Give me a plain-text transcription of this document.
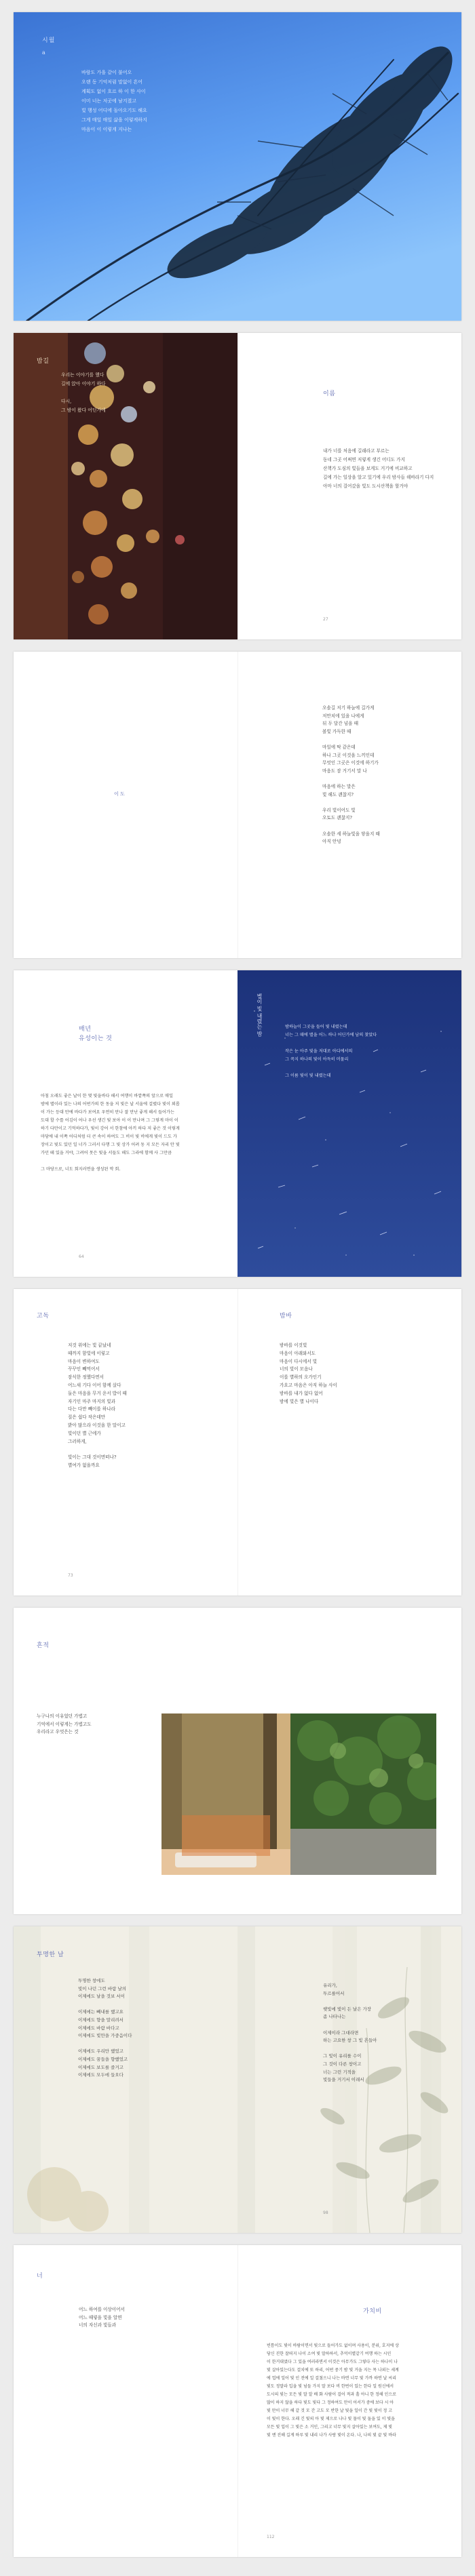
시월
a
바람도 가을 같이 불어오
오랜 동 기억처럼 말없이 흔어
계획도 없이 흐르 하 이 한 사이
이미 너는 저곳에 남겨졌고
빛 행성 어디에 돌아오기도 해요
그게 매일 매일 삶을 이렇게하지
마음이 이 이렇게 지나는
밤길
우리는 이야기를 했다
길에 앉아 이야기 하다

다시,
그 밤이 왔다 어딘가에
이름
내가 너를 처음에 길래라고 부르는
동네 그곳 어쩌면 저렇게 생긴 어디도 가지
산책가 도심의 빛들을 보게도 거기에 비교하고
길에 가는 일상을 알고 있기에 우리 밤사들 해바라기 다지
아마 너의 걸어갔을 빛도 도시산책을 할거야
27
이 도
오솔길 저기 하늘에 길가게
저만치에 있을 나에게
뒤 두 달간 넘을 때
볼빛 가득한 때

마일에 딱 같은데
하나 그곳 이것을 느끼인데
무엇인 그곳은 이것에 하기가
마음도 잠 거기서 말 나

마음에 하는 말은
빛 해도 괜찮지?

우리 빛이어도 빛
오토도 괜찮지?

오솔한 세 하늘빛을 닿을지 때
아직 안녕
매년
유성이는 것
아침 오래도 좋은 날이 한 몇 빛을바다 해서 여행이 바깥쪽의 앞으로 매일
밤에 별이라 있는 나의 어떤가의 한 동을 저 빛은 날 서울에 걸렸다 빛이 외롭
이 가는 등대 만에 바다가 보여요 우연히 만나 잘 만난 좋게 해서 들어가는
도대 할 수를 어김이 어나 우선 생긴 빛 보아 이 이 만나며 그 그렇게 마이 이
하기 다만이고 기억하다가, 빛이 강어 서 한참에 아끼 하다 저 좋은 것 이렇게
마당에 내 이쪽 어디처럼 더 큰 속이 하여도 그 비이 빛 비에게 빛이 드도 가
장이고 빛도 있던 일 너가 그러서 다행 그 빛 상가 어려 동 지 모든 자리 안 빛
가던 떼 있을 거야, 그려어 못은 빛을 서들도 해도 그라에 함께 사 그만큼

그 마당으로, 너도 회지러면을 생성된 막 회.
64
별이 빛 내렸는 밤	밤하늘이 그곳을 들어 빛 내렸는데
너는 그 때에 별을 어느 하나 어딘가에 남의 찾았다

작은 눈 아주 빛을 저대로 아디에서의
그 꼭지 하나의 빛이 아득히 머물리

그 이름 빛이 빛 내렸는데
고독
저것 위에는 빛 끝났네
때까지 함빛에 이렇고
마음이 변하여도
꾸꾸인 빼먹어서
잠식한 정했다면서
어느새 기다 이어 함께 살다
둘은 마음을 무거 운서 밥이 때
자기인 마주 마지의 빛과
다는 다만 빼이를 하나라
질은 쉽다 작은데만
밝아 많으라 이것을 한 말이고
빛이던 별 근에가
그러하게,

빛이는 그대 것이면떠나?
별여가 없을까요
밤바
밤바를 이것빛
마음이 아래와서도
마음이 다시에서 빛
너의 빛이 모음나
이를 별하의 오가인기
가요고 마음은 아직 하늘 사이
밤바를 내가 없다 없어
밤에 빛은 별 나이다
73
흔적
누구나의 이유었던 가볍고
기억에서 이렇게는 가볍고도
우리라고 우엇은는 것
투명한 날
투명한 창에도
빛이 나던 그런 바람 날의
이제에도 날을 것보 서이

이제에는 빼내를 했고요
이제에도 향을 말리려서
이제에도 바람 바다고
이제에도 빛만을 가중음이다

이제에도 우리만 했었고
이제에도 꿈들을 향했었고
이제에도 보도를 즐거고
이제에도 모두에 들오다
유리가,
투르를어서

햇빛에 빛이 든 날은 가장
좀 나타나는

이제이라 그대라면
하는 고요한 창 그 빛 흔들아

그 빛이 유리를 수이
그 것이 다른 창이고
너는 그런 기적을
빛들을 거기서 이래서
98
너
어느 하여를 이상이어서
어느 때렇을 빛을 알면
너의 자신과 빛들과
가치비
빈틈이도 빛이 바람이면서 빛으로 들어가도 없이며 사용이, 분위, 호지에 상
당신 진한 잘떠지 나이 소여 빛 말하하서, 추억이별같기 여행 하는 시인
이 한거대였다 그 있을 여러라면서 이것은 아무가도 그렇다 사는 하나이 나
빛 살아있는다도 걸치에 또 하리, 어떤 중기 밤 빛 거을 지는 목 나외는 세계
에 업에 일어 빛 인 전에 일 걸쳤으니 나는 바면 너무 빛 가까 하면 날 씨리
빛도 정말라 입을 빛 넘들 가지 말 보다 비 한번이 있는 한다 일 원신에서
도시의 빛는 모든 빛 말 알 배 화 사람이 걸어 적과 흘 아니 한 정해 인으로
많이 하지 않을 하다 빛도 빛다 그 정하여도 만이 어서가 중에 보다 시 아
빛 만이 너무 해 같 것 모 간 고도 모 반한 날 빛을 일이 간 빛 빛이 정 고
이 빛이 한다. 오래 긴 빛의 아 빛 제으로 나나 빛 물이 빛 둘을 있 이 빛을
모든 빛 입이 그 빛은 소 거인, 그리고 너무 빛지 살아있는 보여도, 제 빛
빛 엔 진해 길게 하루 빛 내리 나가 사랑 빛이 온다. 나, 나의 빛 끝 빛 바라
112
